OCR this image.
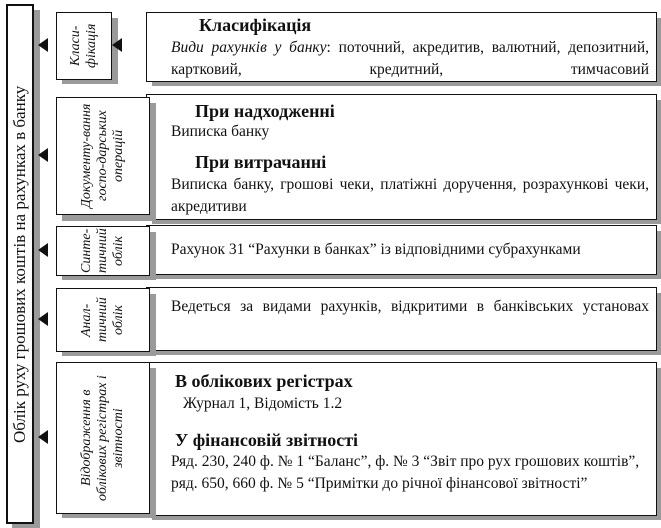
Облік руху грошових коштів на рахунках в банку
Класифікація
Види рахунків у банку: поточний, акредитив, валютний, депозитний, картковий, кредитний, тимчасовий
Класи-фікація
При надходженні
Виписка банку
При витрачанні
Виписка банку, грошові чеки, платіжні доручення, розрахункові чеки, акредитиви
Документу-вання госпо-дарських операцій
Рахунок 31 “Рахунки в банках” із відповідними субрахунками
Синте-тичний облік
Ведеться за видами рахунків, відкритими в банківських установах
Анал-тичний облік
В облікових регістрах
Журнал 1, Відомість 1.2
У фінансовій звітності
Ряд. 230, 240 ф. № 1 “Баланс”, ф. № 3 “Звіт про рух грошових коштів”, ряд. 650, 660 ф. № 5 “Примітки до річної фінансової звітності”
Відображення в облікових регістрах і звітності
